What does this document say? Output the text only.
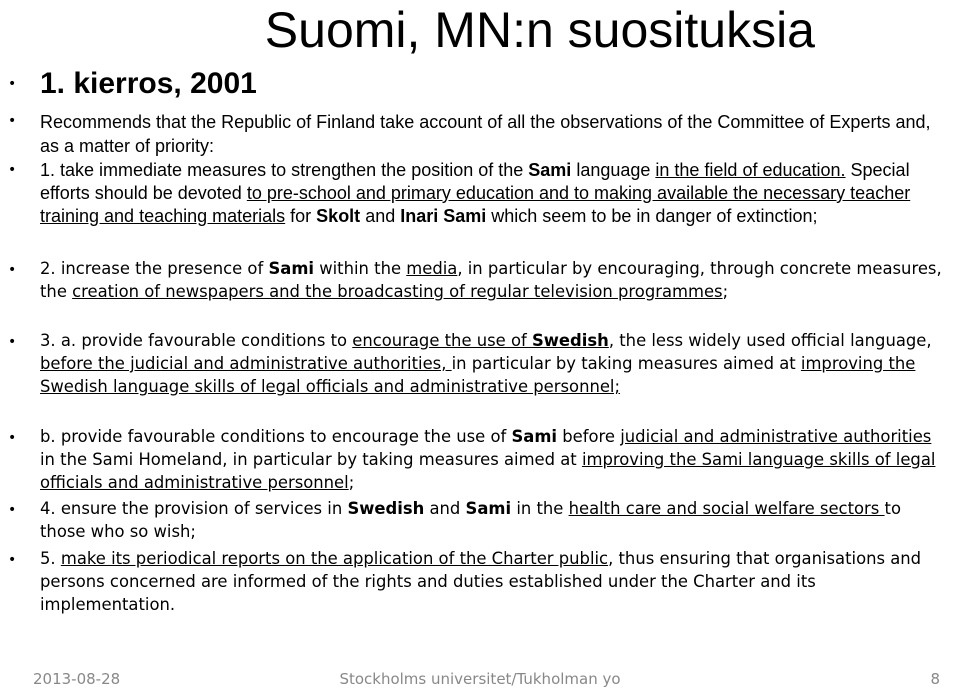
Suomi, MN:n suosituksia
• 1. kierros, 2001
• Recommends that the Republic of Finland take account of all the observations of the Committee of Experts and, as a matter of priority:
• 1. take immediate measures to strengthen the position of the Sami language in the field of education. Special efforts should be devoted to pre-school and primary education and to making available the necessary teacher training and teaching materials for Skolt and Inari Sami which seem to be in danger of extinction;
• 2. increase the presence of Sami within the media, in particular by encouraging, through concrete measures, the creation of newspapers and the broadcasting of regular television programmes;
• 3. a. provide favourable conditions to encourage the use of Swedish, the less widely used official language, before the judicial and administrative authorities, in particular by taking measures aimed at improving the Swedish language skills of legal officials and administrative personnel;
• b. provide favourable conditions to encourage the use of Sami before judicial and administrative authorities in the Sami Homeland, in particular by taking measures aimed at improving the Sami language skills of legal officials and administrative personnel;
• 4. ensure the provision of services in Swedish and Sami in the health care and social welfare sectors to those who so wish;
• 5. make its periodical reports on the application of the Charter public, thus ensuring that organisations and persons concerned are informed of the rights and duties established under the Charter and its implementation.
2013-08-28	Stockholms universitet/Tukholman yo	8
